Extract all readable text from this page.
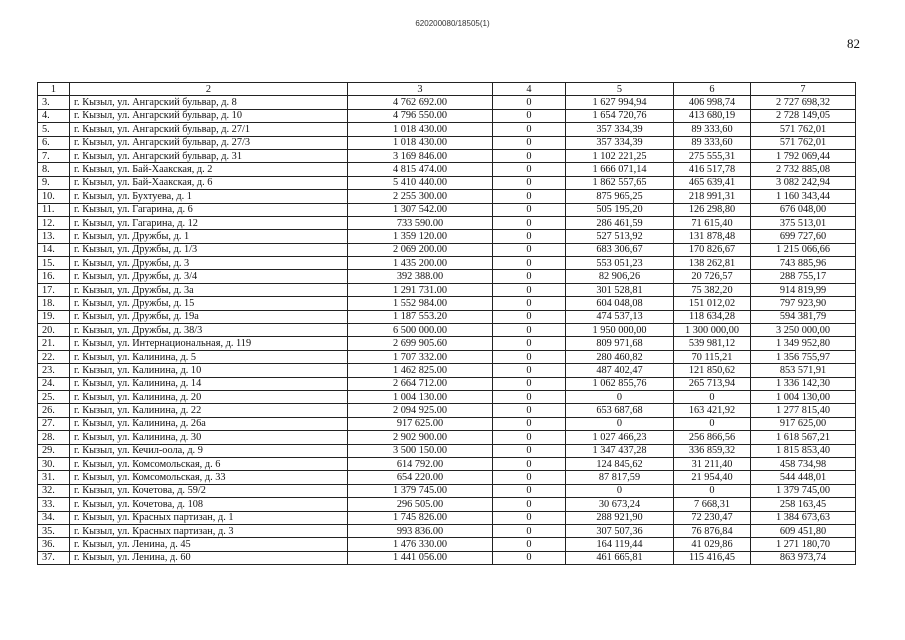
620200080/18505(1)
82
1	2	3	4	5	6	7
3.	г. Кызыл, ул. Ангарский бульвар, д. 8	4 762 692.00	0	1 627 994,94	406 998,74	2 727 698,32
4.	г. Кызыл, ул. Ангарский бульвар, д. 10	4 796 550.00	0	1 654 720,76	413 680,19	2 728 149,05
5.	г. Кызыл, ул. Ангарский бульвар, д. 27/1	1 018 430.00	0	357 334,39	89 333,60	571 762,01
6.	г. Кызыл, ул. Ангарский бульвар, д. 27/3	1 018 430.00	0	357 334,39	89 333,60	571 762,01
7.	г. Кызыл, ул. Ангарский бульвар, д. 31	3 169 846.00	0	1 102 221,25	275 555,31	1 792 069,44
8.	г. Кызыл, ул. Бай-Хаакская, д. 2	4 815 474.00	0	1 666 071,14	416 517,78	2 732 885,08
9.	г. Кызыл, ул. Бай-Хаакская, д. 6	5 410 440.00	0	1 862 557,65	465 639,41	3 082 242,94
10.	г. Кызыл, ул. Бухтуева, д. 1	2 255 300.00	0	875 965,25	218 991,31	1 160 343,44
11.	г. Кызыл, ул. Гагарина, д. 6	1 307 542.00	0	505 195,20	126 298,80	676 048,00
12.	г. Кызыл, ул. Гагарина, д. 12	733 590.00	0	286 461,59	71 615,40	375 513,01
13.	г. Кызыл, ул. Дружбы, д. 1	1 359 120.00	0	527 513,92	131 878,48	699 727,60
14.	г. Кызыл, ул. Дружбы, д. 1/3	2 069 200.00	0	683 306,67	170 826,67	1 215 066,66
15.	г. Кызыл, ул. Дружбы, д. 3	1 435 200.00	0	553 051,23	138 262,81	743 885,96
16.	г. Кызыл, ул. Дружбы, д. 3/4	392 388.00	0	82 906,26	20 726,57	288 755,17
17.	г. Кызыл, ул. Дружбы, д. 3а	1 291 731.00	0	301 528,81	75 382,20	914 819,99
18.	г. Кызыл, ул. Дружбы, д. 15	1 552 984.00	0	604 048,08	151 012,02	797 923,90
19.	г. Кызыл, ул. Дружбы, д. 19а	1 187 553.20	0	474 537,13	118 634,28	594 381,79
20.	г. Кызыл, ул. Дружбы, д. 38/3	6 500 000.00	0	1 950 000,00	1 300 000,00	3 250 000,00
21.	г. Кызыл, ул. Интернациональная, д. 119	2 699 905.60	0	809 971,68	539 981,12	1 349 952,80
22.	г. Кызыл, ул. Калинина, д. 5	1 707 332.00	0	280 460,82	70 115,21	1 356 755,97
23.	г. Кызыл, ул. Калинина, д. 10	1 462 825.00	0	487 402,47	121 850,62	853 571,91
24.	г. Кызыл, ул. Калинина, д. 14	2 664 712.00	0	1 062 855,76	265 713,94	1 336 142,30
25.	г. Кызыл, ул. Калинина, д. 20	1 004 130.00	0	0	0	1 004 130,00
26.	г. Кызыл, ул. Калинина, д. 22	2 094 925.00	0	653 687,68	163 421,92	1 277 815,40
27.	г. Кызыл, ул. Калинина, д. 26а	917 625.00	0	0	0	917 625,00
28.	г. Кызыл, ул. Калинина, д. 30	2 902 900.00	0	1 027 466,23	256 866,56	1 618 567,21
29.	г. Кызыл, ул. Кечил-оола, д. 9	3 500 150.00	0	1 347 437,28	336 859,32	1 815 853,40
30.	г. Кызыл, ул. Комсомольская, д. 6	614 792.00	0	124 845,62	31 211,40	458 734,98
31.	г. Кызыл, ул. Комсомольская, д. 33	654 220.00	0	87 817,59	21 954,40	544 448,01
32.	г. Кызыл, ул. Кочетова, д. 59/2	1 379 745.00	0	0	0	1 379 745,00
33.	г. Кызыл, ул. Кочетова, д. 108	296 505.00	0	30 673,24	7 668,31	258 163,45
34.	г. Кызыл, ул. Красных партизан, д. 1	1 745 826.00	0	288 921,90	72 230,47	1 384 673,63
35.	г. Кызыл, ул. Красных партизан, д. 3	993 836.00	0	307 507,36	76 876,84	609 451,80
36.	г. Кызыл, ул. Ленина, д. 45	1 476 330.00	0	164 119,44	41 029,86	1 271 180,70
37.	г. Кызыл, ул. Ленина, д. 60	1 441 056.00	0	461 665,81	115 416,45	863 973,74
